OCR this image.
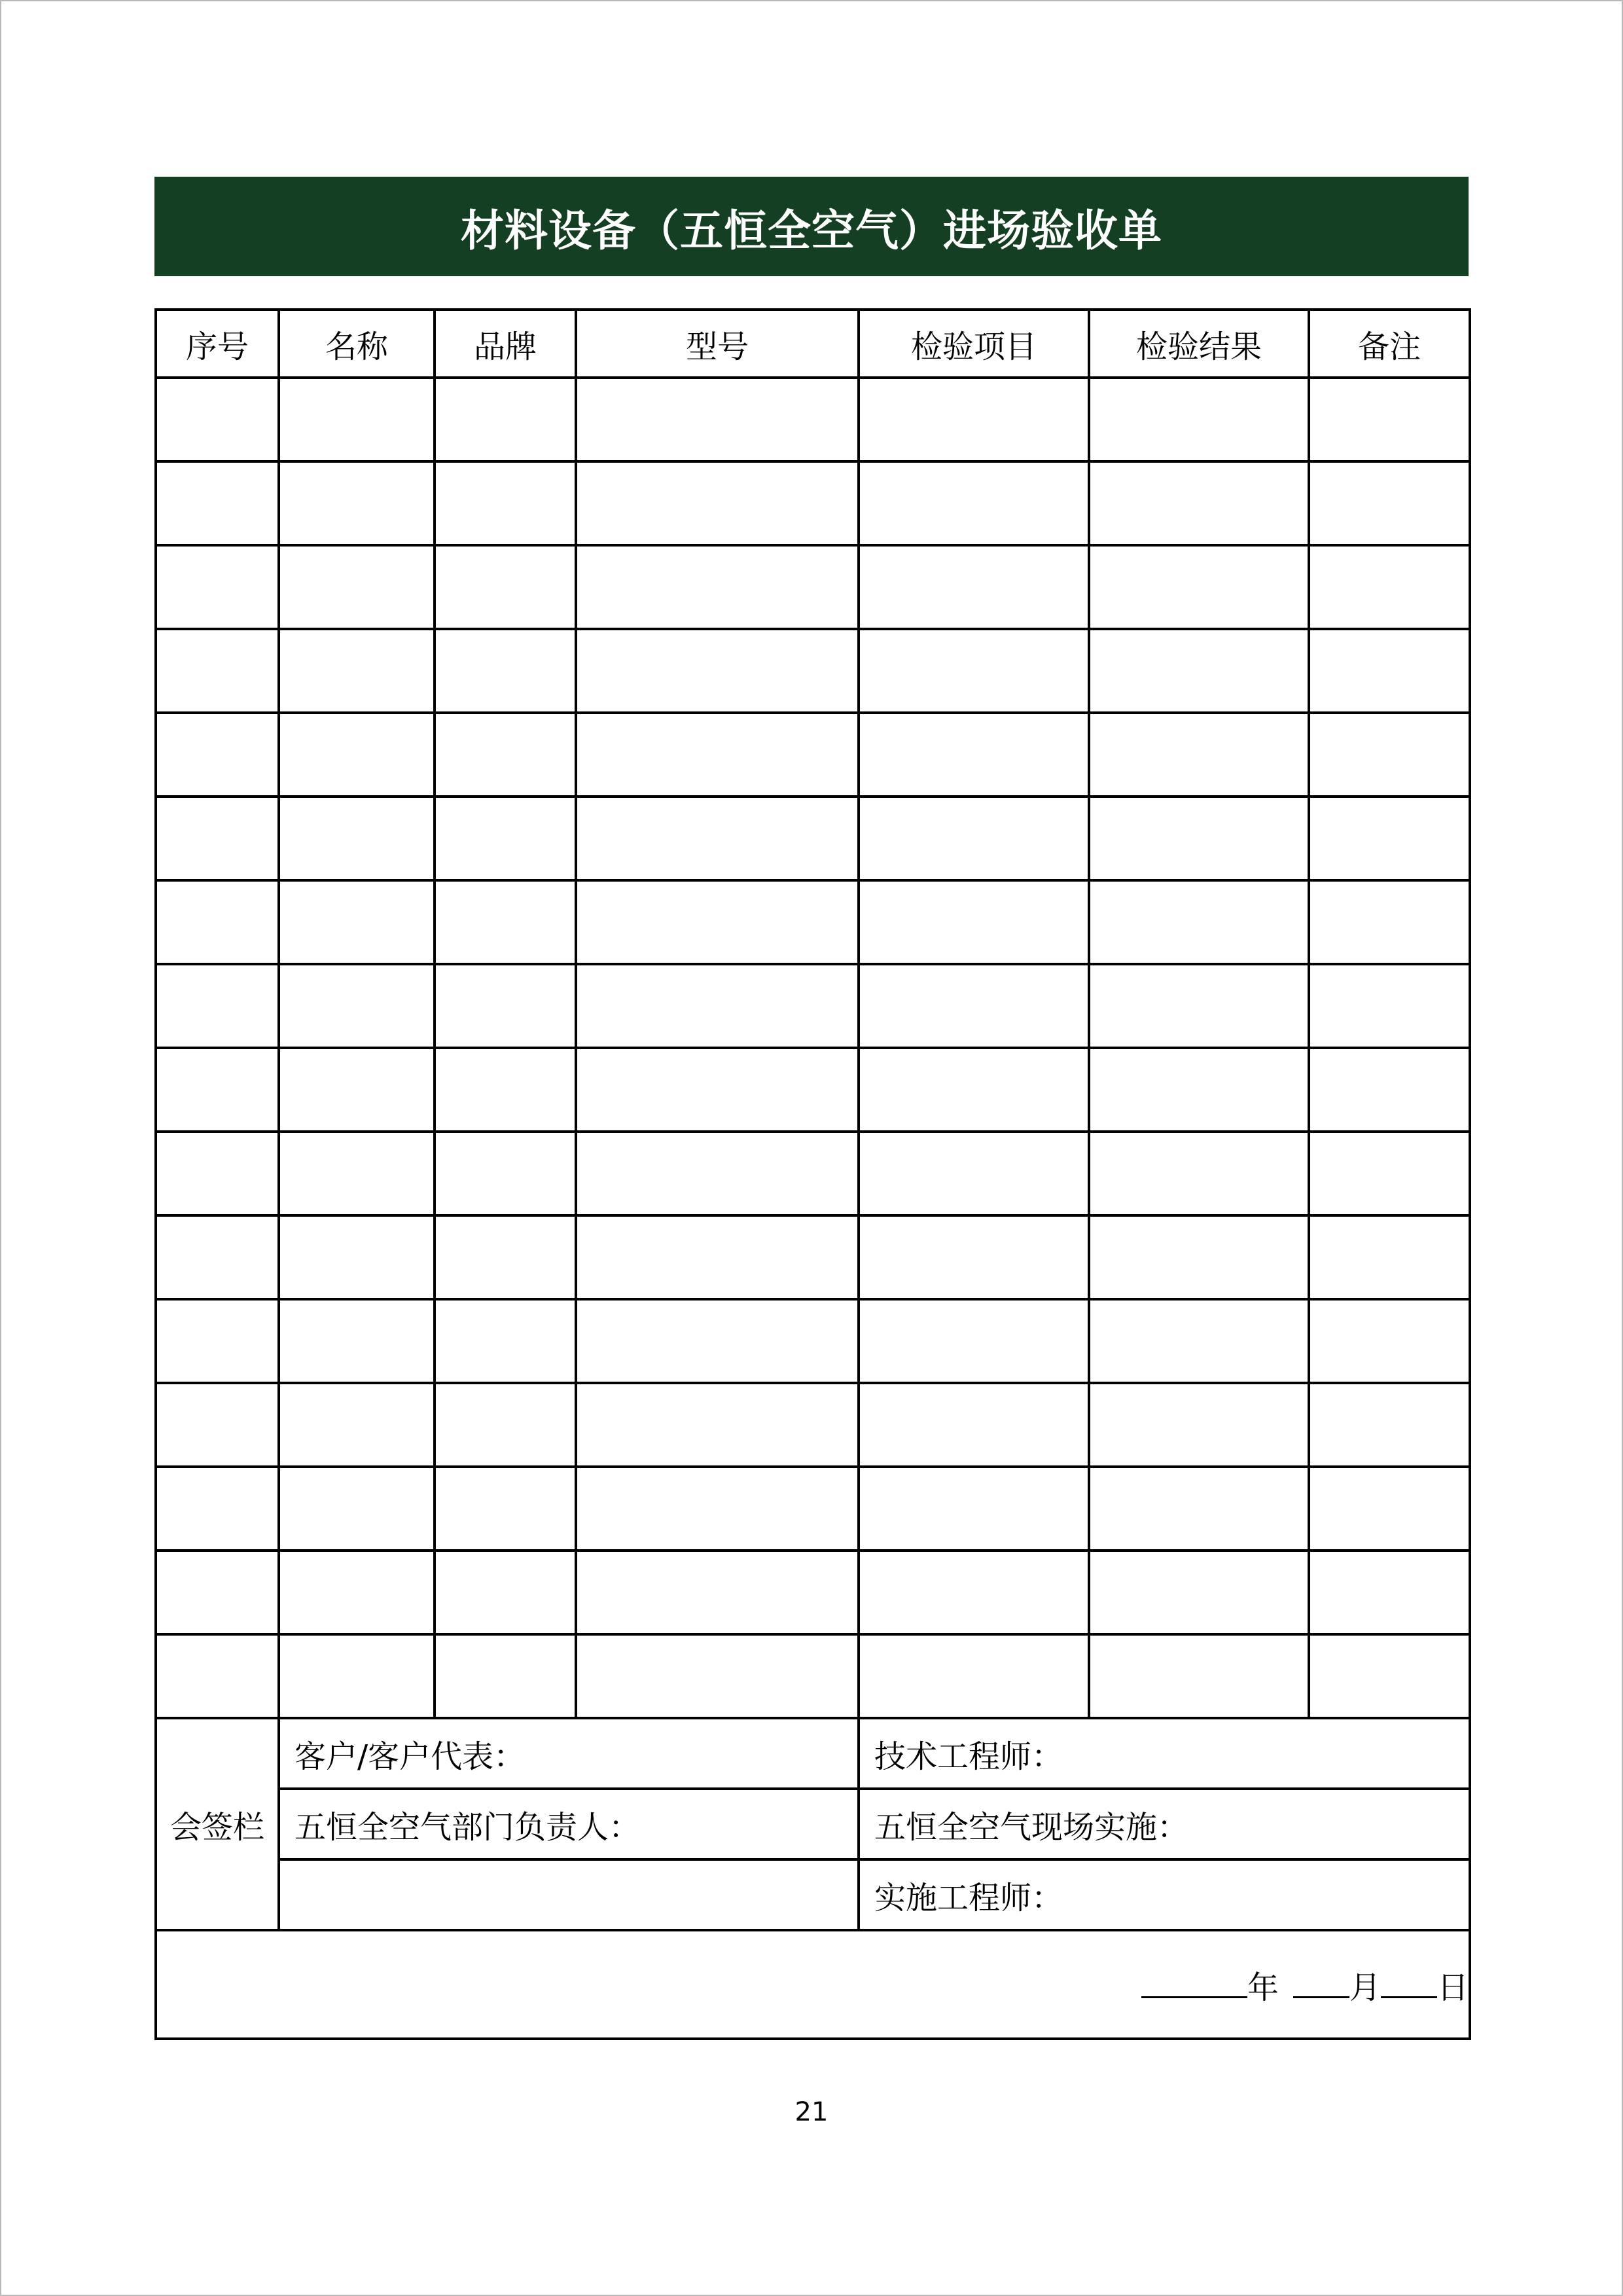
材料设备（五恒全空气）进场验收单
序号	名称	品牌	型号	检验项目	检验结果	备注

会签栏	客户/客户代表：			技术工程师：		
	五恒全空气部门负责人：			五恒全空气现场实施：		
				实施工程师：		
年 月 日						
21
